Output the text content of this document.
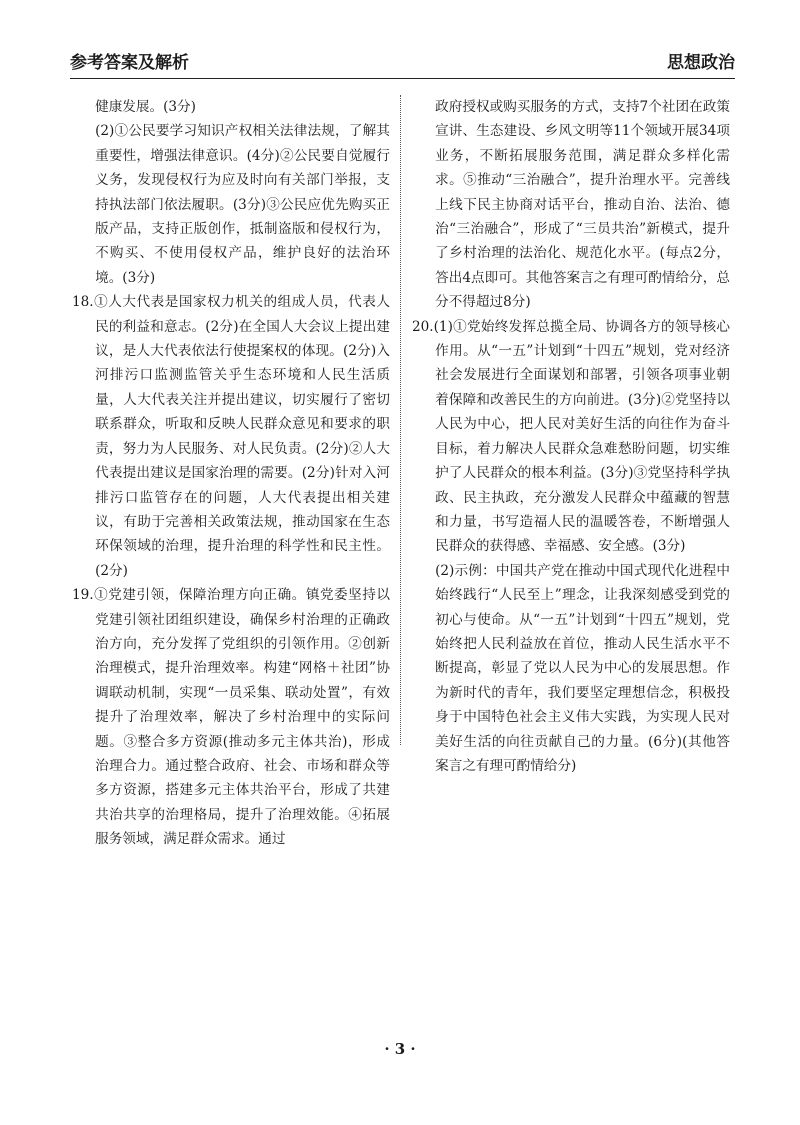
参考答案及解析	思想政治

健康发展。(3分)

(2)①公民要学习知识产权相关法律法规，了解其重要性，增强法律意识。(4分)②公民要自觉履行义务，发现侵权行为应及时向有关部门举报，支持执法部门依法履职。(3分)③公民应优先购买正版产品，支持正版创作，抵制盗版和侵权行为，不购买、不使用侵权产品，维护良好的法治环境。(3分)

18.①人大代表是国家权力机关的组成人员，代表人民的利益和意志。(2分)在全国人大会议上提出建议，是人大代表依法行使提案权的体现。(2分)入河排污口监测监管关乎生态环境和人民生活质量，人大代表关注并提出建议，切实履行了密切联系群众，听取和反映人民群众意见和要求的职责，努力为人民服务、对人民负责。(2分)②人大代表提出建议是国家治理的需要。(2分)针对入河排污口监管存在的问题，人大代表提出相关建议，有助于完善相关政策法规，推动国家在生态环保领域的治理，提升治理的科学性和民主性。(2分)

19.①党建引领，保障治理方向正确。镇党委坚持以党建引领社团组织建设，确保乡村治理的正确政治方向，充分发挥了党组织的引领作用。②创新治理模式，提升治理效率。构建“网格＋社团”协调联动机制，实现“一员采集、联动处置”，有效提升了治理效率，解决了乡村治理中的实际问题。③整合多方资源(推动多元主体共治)，形成治理合力。通过整合政府、社会、市场和群众等多方资源，搭建多元主体共治平台，形成了共建共治共享的治理格局，提升了治理效能。④拓展服务领域，满足群众需求。通过

政府授权或购买服务的方式，支持7个社团在政策宣讲、生态建设、乡风文明等11个领域开展34项业务，不断拓展服务范围，满足群众多样化需求。⑤推动“三治融合”，提升治理水平。完善线上线下民主协商对话平台，推动自治、法治、德治“三治融合”，形成了“三员共治”新模式，提升了乡村治理的法治化、规范化水平。(每点2分，答出4点即可。其他答案言之有理可酌情给分，总分不得超过8分)

20.(1)①党始终发挥总揽全局、协调各方的领导核心作用。从“一五”计划到“十四五”规划，党对经济社会发展进行全面谋划和部署，引领各项事业朝着保障和改善民生的方向前进。(3分)②党坚持以人民为中心，把人民对美好生活的向往作为奋斗目标，着力解决人民群众急难愁盼问题，切实维护了人民群众的根本利益。(3分)③党坚持科学执政、民主执政，充分激发人民群众中蕴藏的智慧和力量，书写造福人民的温暖答卷，不断增强人民群众的获得感、幸福感、安全感。(3分)

(2)示例：中国共产党在推动中国式现代化进程中始终践行“人民至上”理念，让我深刻感受到党的初心与使命。从“一五”计划到“十四五”规划，党始终把人民利益放在首位，推动人民生活水平不断提高，彰显了党以人民为中心的发展思想。作为新时代的青年，我们要坚定理想信念，积极投身于中国特色社会主义伟大实践，为实现人民对美好生活的向往贡献自己的力量。(6分)(其他答案言之有理可酌情给分)

· 3 ·
